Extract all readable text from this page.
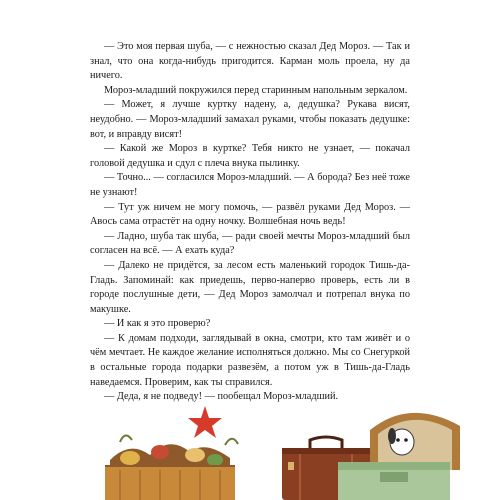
— Это моя первая шуба, — с нежностью сказал Дед Мороз. — Так и знал, что она когда-нибудь пригодится. Карман моль проела, ну да ничего.

Мороз-младший покружился перед старинным напольным зеркалом.

— Может, я лучше куртку надену, а, дедушка? Рукава висят, неудобно. — Мороз-младший замахал руками, чтобы показать дедушке: вот, и вправду висят!

— Какой же Мороз в куртке? Тебя никто не узнает, — покачал головой дедушка и сдул с плеча внука пылинку.

— Точно... — согласился Мороз-младший. — А борода? Без неё тоже не узнают!

— Тут уж ничем не могу помочь, — развёл руками Дед Мороз. — Авось сама отрастёт на одну ночку. Волшебная ночь ведь!

— Ладно, шуба так шуба, — ради своей мечты Мороз-младший был согласен на всё. — А ехать куда?

— Далеко не придётся, за лесом есть маленький городок Тишь-да-Гладь. Запоминай: как приедешь, перво-наперво проверь, есть ли в городе послушные дети, — Дед Мороз замолчал и потрепал внука по макушке.

— И как я это проверю?

— К домам подходи, заглядывай в окна, смотри, кто там живёт и о чём мечтает. Не каждое желание исполняться должно. Мы со Снегуркой в остальные города подарки развезём, а потом уж в Тишь-да-Гладь наведаемся. Проверим, как ты справился.

— Деда, я не подведу! — пообещал Мороз-младший.
